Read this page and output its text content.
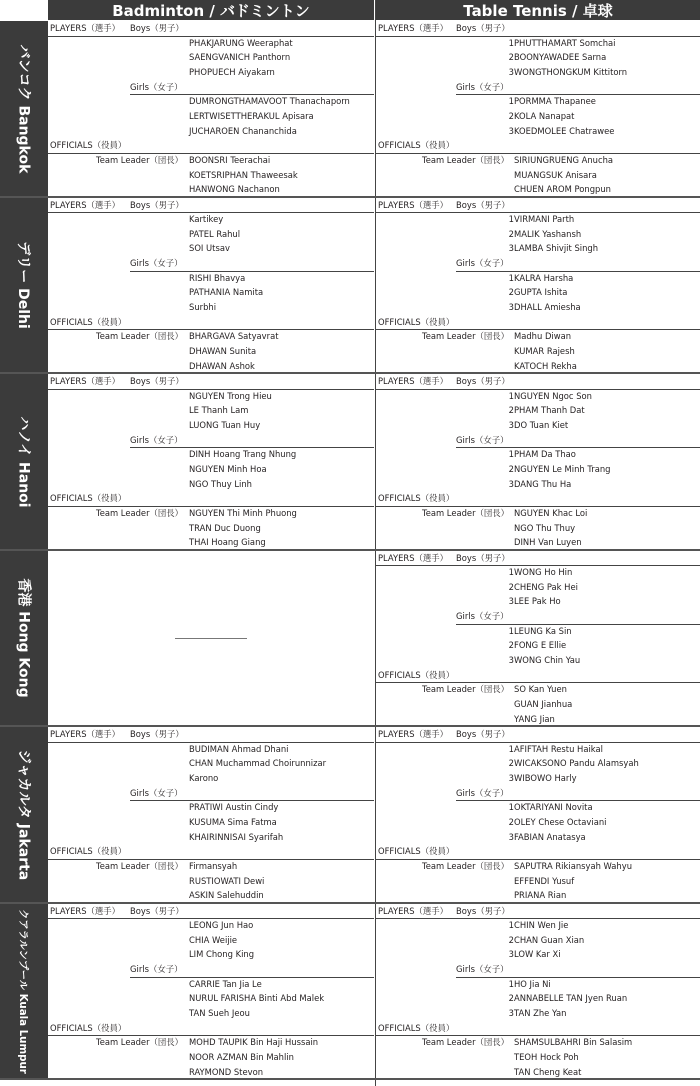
Badminton / バドミントン	Table Tennis / 卓球
バンコク Bangkok
PLAYERS（選手） Boys（男子）
PHAKJARUNG Weeraphat
SAENGVANICH Panthorn
PHOPUECH Aiyakarn
Girls（女子）
DUMRONGTHAMAVOOT Thanachaporn
LERTWISETTHERAKUL Apisara
JUCHAROEN Chananchida
OFFICIALS（役員）
Team Leader（団長） BOONSRI Teerachai
KOETSRIPHAN Thaweesak
HANWONG Nachanon
PLAYERS（選手） Boys（男子）
1 PHUTTHAMART Somchai
2 BOONYAWADEE Sarna
3 WONGTHONGKUM Kittitorn
Girls（女子）
1 PORMMA Thapanee
2 KOLA Nanapat
3 KOEDMOLEE Chatrawee
OFFICIALS（役員）
Team Leader（団長） SIRIUNGRUENG Anucha
MUANGSUK Anisara
CHUEN AROM Pongpun
デリー Delhi
PLAYERS（選手） Boys（男子）
Kartikey
PATEL Rahul
SOI Utsav
Girls（女子）
RISHI Bhavya
PATHANIA Namita
Surbhi
OFFICIALS（役員）
Team Leader（団長） BHARGAVA Satyavrat
DHAWAN Sunita
DHAWAN Ashok
PLAYERS（選手） Boys（男子）
1 VIRMANI Parth
2 MALIK Yashansh
3 LAMBA Shivjit Singh
Girls（女子）
1 KALRA Harsha
2 GUPTA Ishita
3 DHALL Amiesha
OFFICIALS（役員）
Team Leader（団長） Madhu Diwan
KUMAR Rajesh
KATOCH Rekha
ハノイ Hanoi
PLAYERS（選手） Boys（男子）
NGUYEN Trong Hieu
LE Thanh Lam
LUONG Tuan Huy
Girls（女子）
DINH Hoang Trang Nhung
NGUYEN Minh Hoa
NGO Thuy Linh
OFFICIALS（役員）
Team Leader（団長） NGUYEN Thi Minh Phuong
TRAN Duc Duong
THAI Hoang Giang
PLAYERS（選手） Boys（男子）
1 NGUYEN Ngoc Son
2 PHAM Thanh Dat
3 DO Tuan Kiet
Girls（女子）
1 PHAM Da Thao
2 NGUYEN Le Minh Trang
3 DANG Thu Ha
OFFICIALS（役員）
Team Leader（団長） NGUYEN Khac Loi
NGO Thu Thuy
DINH Van Luyen
香港 Hong Kong
PLAYERS（選手） Boys（男子）
1 WONG Ho Hin
2 CHENG Pak Hei
3 LEE Pak Ho
Girls（女子）
1 LEUNG Ka Sin
2 FONG E Ellie
3 WONG Chin Yau
OFFICIALS（役員）
Team Leader（団長） SO Kan Yuen
GUAN Jianhua
YANG Jian
ジャカルタ Jakarta
PLAYERS（選手） Boys（男子）
BUDIMAN Ahmad Dhani
CHAN Muchammad Choirunnizar
Karono
Girls（女子）
PRATIWI Austin Cindy
KUSUMA Sima Fatma
KHAIRINNISAI Syarifah
OFFICIALS（役員）
Team Leader（団長） Firmansyah
RUSTIOWATI Dewi
ASKIN Salehuddin
PLAYERS（選手） Boys（男子）
1 AFIFTAH Restu Haikal
2 WICAKSONO Pandu Alamsyah
3 WIBOWO Harly
Girls（女子）
1 OKTARIYANI Novita
2 OLEY Chese Octaviani
3 FABIAN Anatasya
OFFICIALS（役員）
Team Leader（団長） SAPUTRA Rikiansyah Wahyu
EFFENDI Yusuf
PRIANA Rian
クアラルンプール Kuala Lumpur	PLAYERS（選手） Boys（男子）
LEONG Jun Hao
CHIA Weijie
LIM Chong King
Girls（女子）
CARRIE Tan Jia Le
NURUL FARISHA Binti Abd Malek
TAN Sueh Jeou
OFFICIALS（役員）
Team Leader（団長） MOHD TAUPIK Bin Haji Hussain
NOOR AZMAN Bin Mahlin
RAYMOND Stevon
PLAYERS（選手） Boys（男子）
1 CHIN Wen Jie
2 CHAN Guan Xian
3 LOW Kar Xi
Girls（女子）
1 HO Jia Ni
2 ANNABELLE TAN Jyen Ruan
3 TAN Zhe Yan
OFFICIALS（役員）
Team Leader（団長） SHAMSULBAHRI Bin Salasim
TEOH Hock Poh
TAN Cheng Keat
